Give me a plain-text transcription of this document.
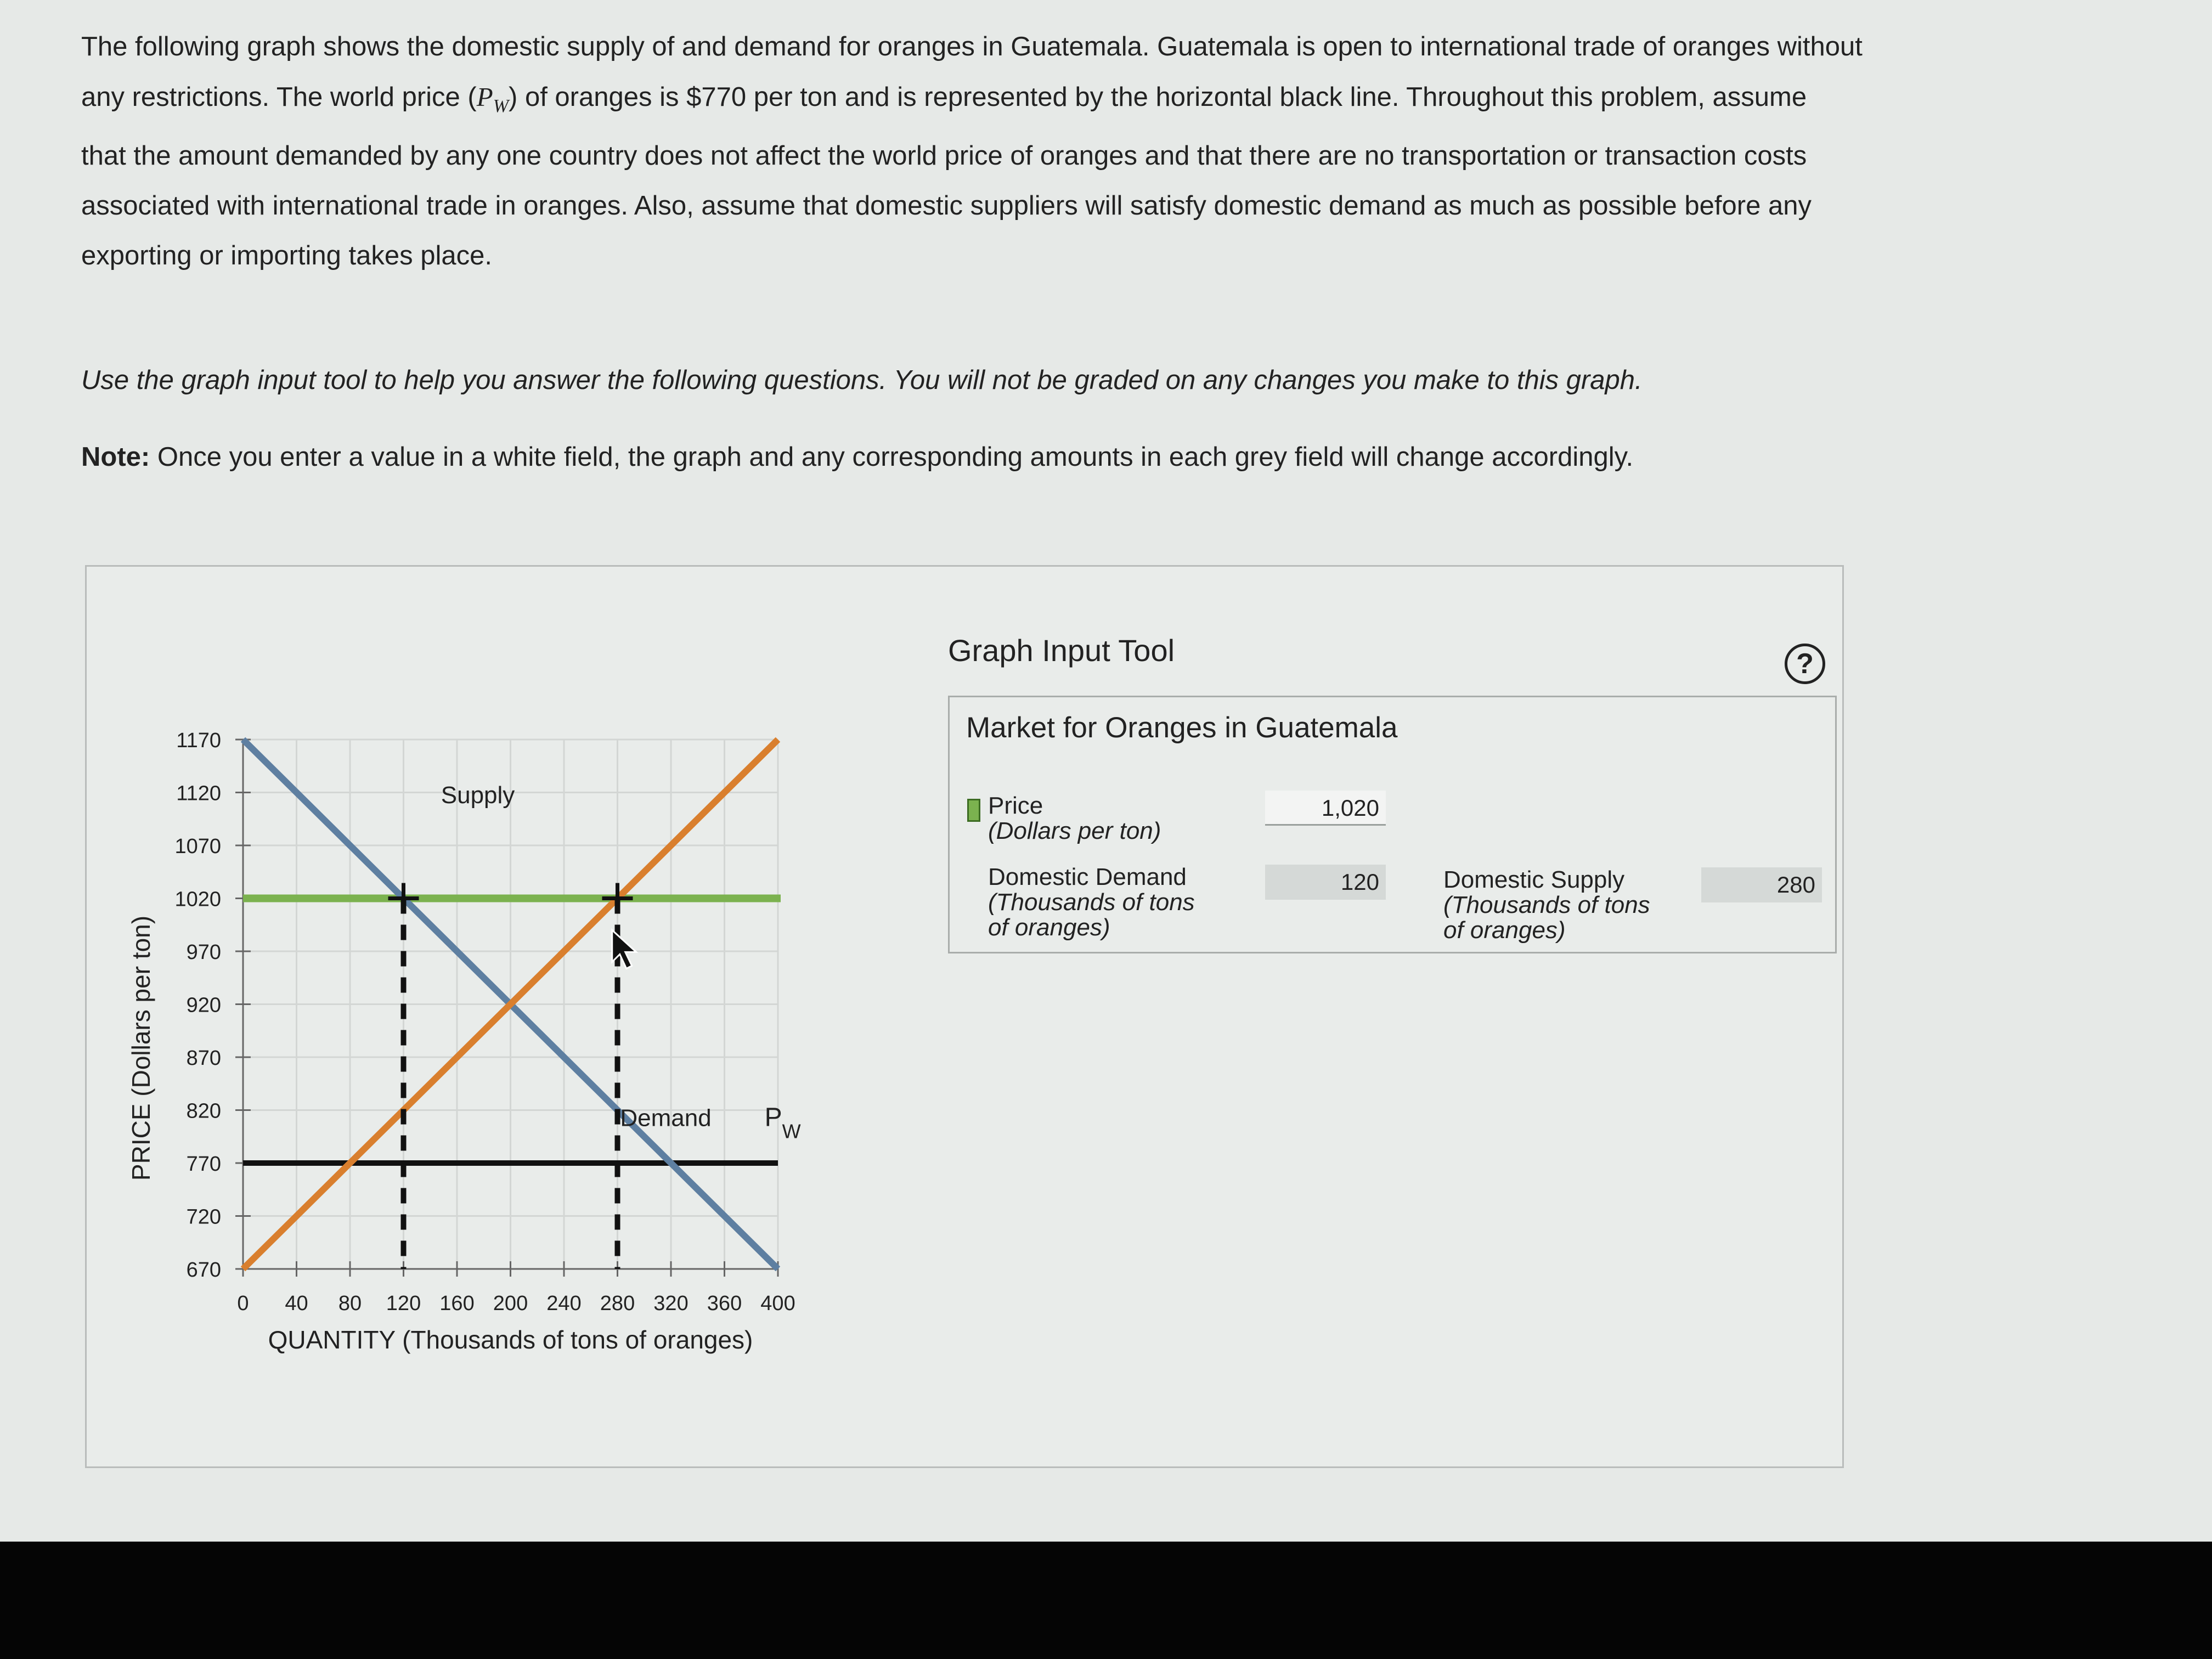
The following graph shows the domestic supply of and demand for oranges in Guatemala. Guatemala is open to international trade of oranges without
any restrictions. The world price $(P_W)$ of oranges is $770 per ton and is represented by the horizontal black line. Throughout this problem, assume
that the amount demanded by any one country does not affect the world price of oranges and that there are no transportation or transaction costs
associated with international trade in oranges. Also, assume that domestic suppliers will satisfy domestic demand as much as possible before any
exporting or importing takes place.
Use the graph input tool to help you answer the following questions. You will not be graded on any changes you make to this graph.
Note: Once you enter a value in a white field, the graph and any corresponding amounts in each grey field will change accordingly.
670
720
770
820
870
920
970
1020
1070
1120
1170
0 40 80 120 160 200 240 280 320 360 400
QUANTITY (Thousands of tons of oranges)
PRICE (Dollars per ton)
Supply
Demand P W
Graph Input Tool	?
Market for Oranges in Guatemala
Price
(Dollars per ton)
1,020
Domestic Demand
(Thousands of tons
of oranges)
120	Domestic Supply
(Thousands of tons
of oranges)
280
